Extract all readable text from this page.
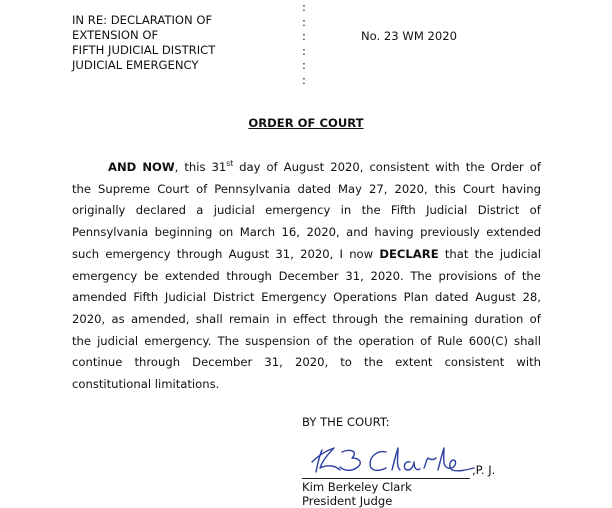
IN RE: DECLARATION OF
EXTENSION OF
FIFTH JUDICIAL DISTRICT
JUDICIAL EMERGENCY
:
:
:
:
:
:
No. 23 WM 2020
ORDER OF COURT
AND NOW, this 31st day of August 2020, consistent with the Order of
the Supreme Court of Pennsylvania dated May 27, 2020, this Court having
originally declared a judicial emergency in the Fifth Judicial District of
Pennsylvania beginning on March 16, 2020, and having previously extended
such emergency through August 31, 2020, I now DECLARE that the judicial
emergency be extended through December 31, 2020. The provisions of the
amended Fifth Judicial District Emergency Operations Plan dated August 28,
2020, as amended, shall remain in effect through the remaining duration of
the judicial emergency. The suspension of the operation of Rule 600(C) shall
continue through December 31, 2020, to the extent consistent with
constitutional
limitations.

BY THE COURT:
,P. J.
Kim Berkeley Clark
President Judge
